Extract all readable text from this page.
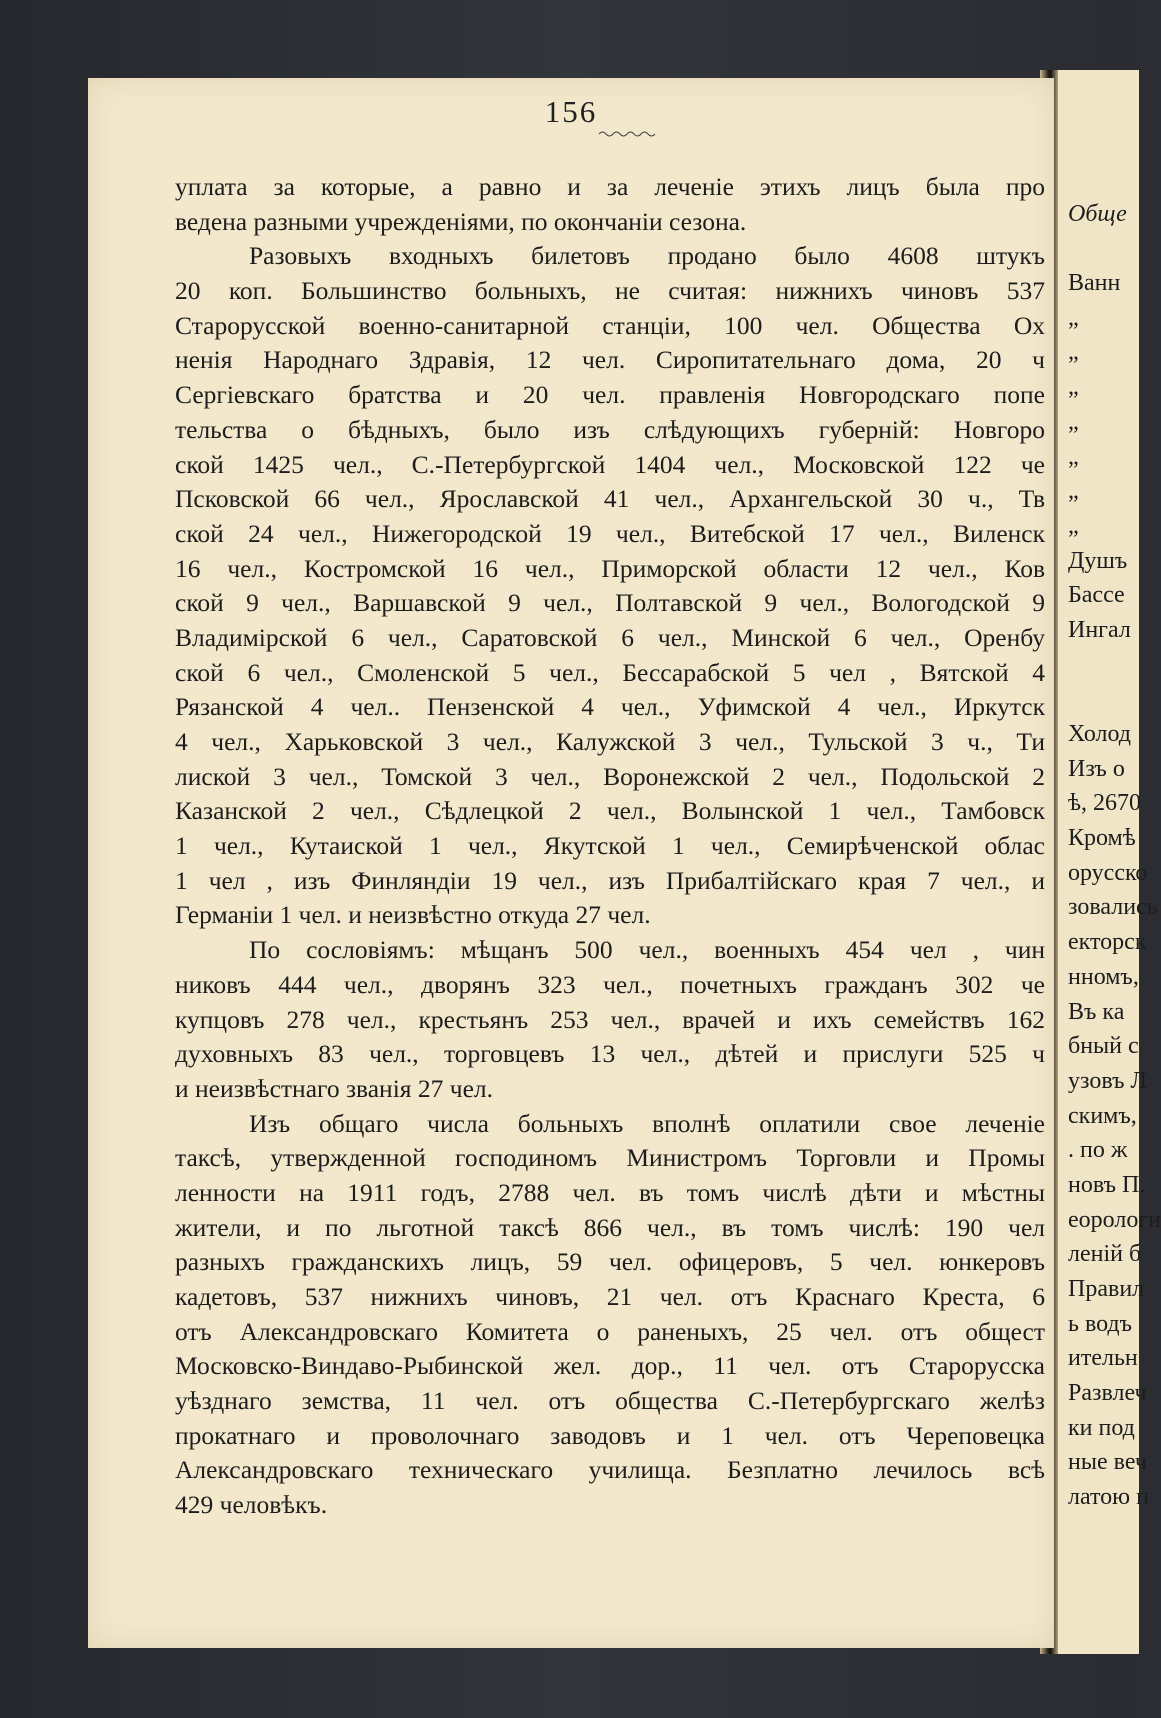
Обще
Ванн
„
„
„
„
„
„
„
Душъ
Бассе
Ингал
Холод
Изъ о
ѣ, 2670
Кромѣ
орусско
зовались
екторск
нномъ,
Въ ка
бный с
узовъ Л
скимъ,
. по ж
новъ П.
еорологи
леній б
Правил
ь водъ
ительн
Развлеч
ки под
ные веч
латою п
156
уплата за которые, а равно и за леченіе этихъ лицъ была про
ведена разными учрежденіями, по окончаніи сезона.
Разовыхъ входныхъ билетовъ продано было 4608 штукъ
20 коп. Большинство больныхъ, не считая: нижнихъ чиновъ 537
Старорусской военно-санитарной станціи, 100 чел. Общества Ох
ненія Народнаго Здравія, 12 чел. Сиропитательнаго дома, 20 ч
Сергіевскаго братства и 20 чел. правленія Новгородскаго попе
тельства о бѣдныхъ, было изъ слѣдующихъ губерній: Новгоро
ской 1425 чел., С.-Петербургской 1404 чел., Московской 122 че
Псковской 66 чел., Ярославской 41 чел., Архангельской 30 ч., Тв
ской 24 чел., Нижегородской 19 чел., Витебской 17 чел., Виленск
16 чел., Костромской 16 чел., Приморской области 12 чел., Ков
ской 9 чел., Варшавской 9 чел., Полтавской 9 чел., Вологодской 9
Владимірской 6 чел., Саратовской 6 чел., Минской 6 чел., Оренбу
ской 6 чел., Смоленской 5 чел., Бессарабской 5 чел , Вятской 4
Рязанской 4 чел.. Пензенской 4 чел., Уфимской 4 чел., Иркутск
4 чел., Харьковской 3 чел., Калужской 3 чел., Тульской 3 ч., Ти
лиской 3 чел., Томской 3 чел., Воронежской 2 чел., Подольской 2
Казанской 2 чел., Сѣдлецкой 2 чел., Волынской 1 чел., Тамбовск
1 чел., Кутаиской 1 чел., Якутской 1 чел., Семирѣченской облас
1 чел , изъ Финляндіи 19 чел., изъ Прибалтійскаго края 7 чел., и
Германіи 1 чел. и неизвѣстно откуда 27 чел.
По сословіямъ: мѣщанъ 500 чел., военныхъ 454 чел , чин
никовъ 444 чел., дворянъ 323 чел., почетныхъ гражданъ 302 че
купцовъ 278 чел., крестьянъ 253 чел., врачей и ихъ семействъ 162
духовныхъ 83 чел., торговцевъ 13 чел., дѣтей и прислуги 525 ч
и неизвѣстнаго званія 27 чел.
Изъ общаго числа больныхъ вполнѣ оплатили свое леченіе
таксѣ, утвержденной господиномъ Министромъ Торговли и Промы
ленности на 1911 годъ, 2788 чел. въ томъ числѣ дѣти и мѣстны
жители, и по льготной таксѣ 866 чел., въ томъ числѣ: 190 чел
разныхъ гражданскихъ лицъ, 59 чел. офицеровъ, 5 чел. юнкеровъ
кадетовъ, 537 нижнихъ чиновъ, 21 чел. отъ Краснаго Креста, 6
отъ Александровскаго Комитета о раненыхъ, 25 чел. отъ общест
Московско-Виндаво-Рыбинской жел. дор., 11 чел. отъ Старорусска
уѣзднаго земства, 11 чел. отъ общества С.-Петербургскаго желѣз
прокатнаго и проволочнаго заводовъ и 1 чел. отъ Череповецка
Александровскаго техническаго училища. Безплатно лечилось всѣ
429 человѣкъ.
